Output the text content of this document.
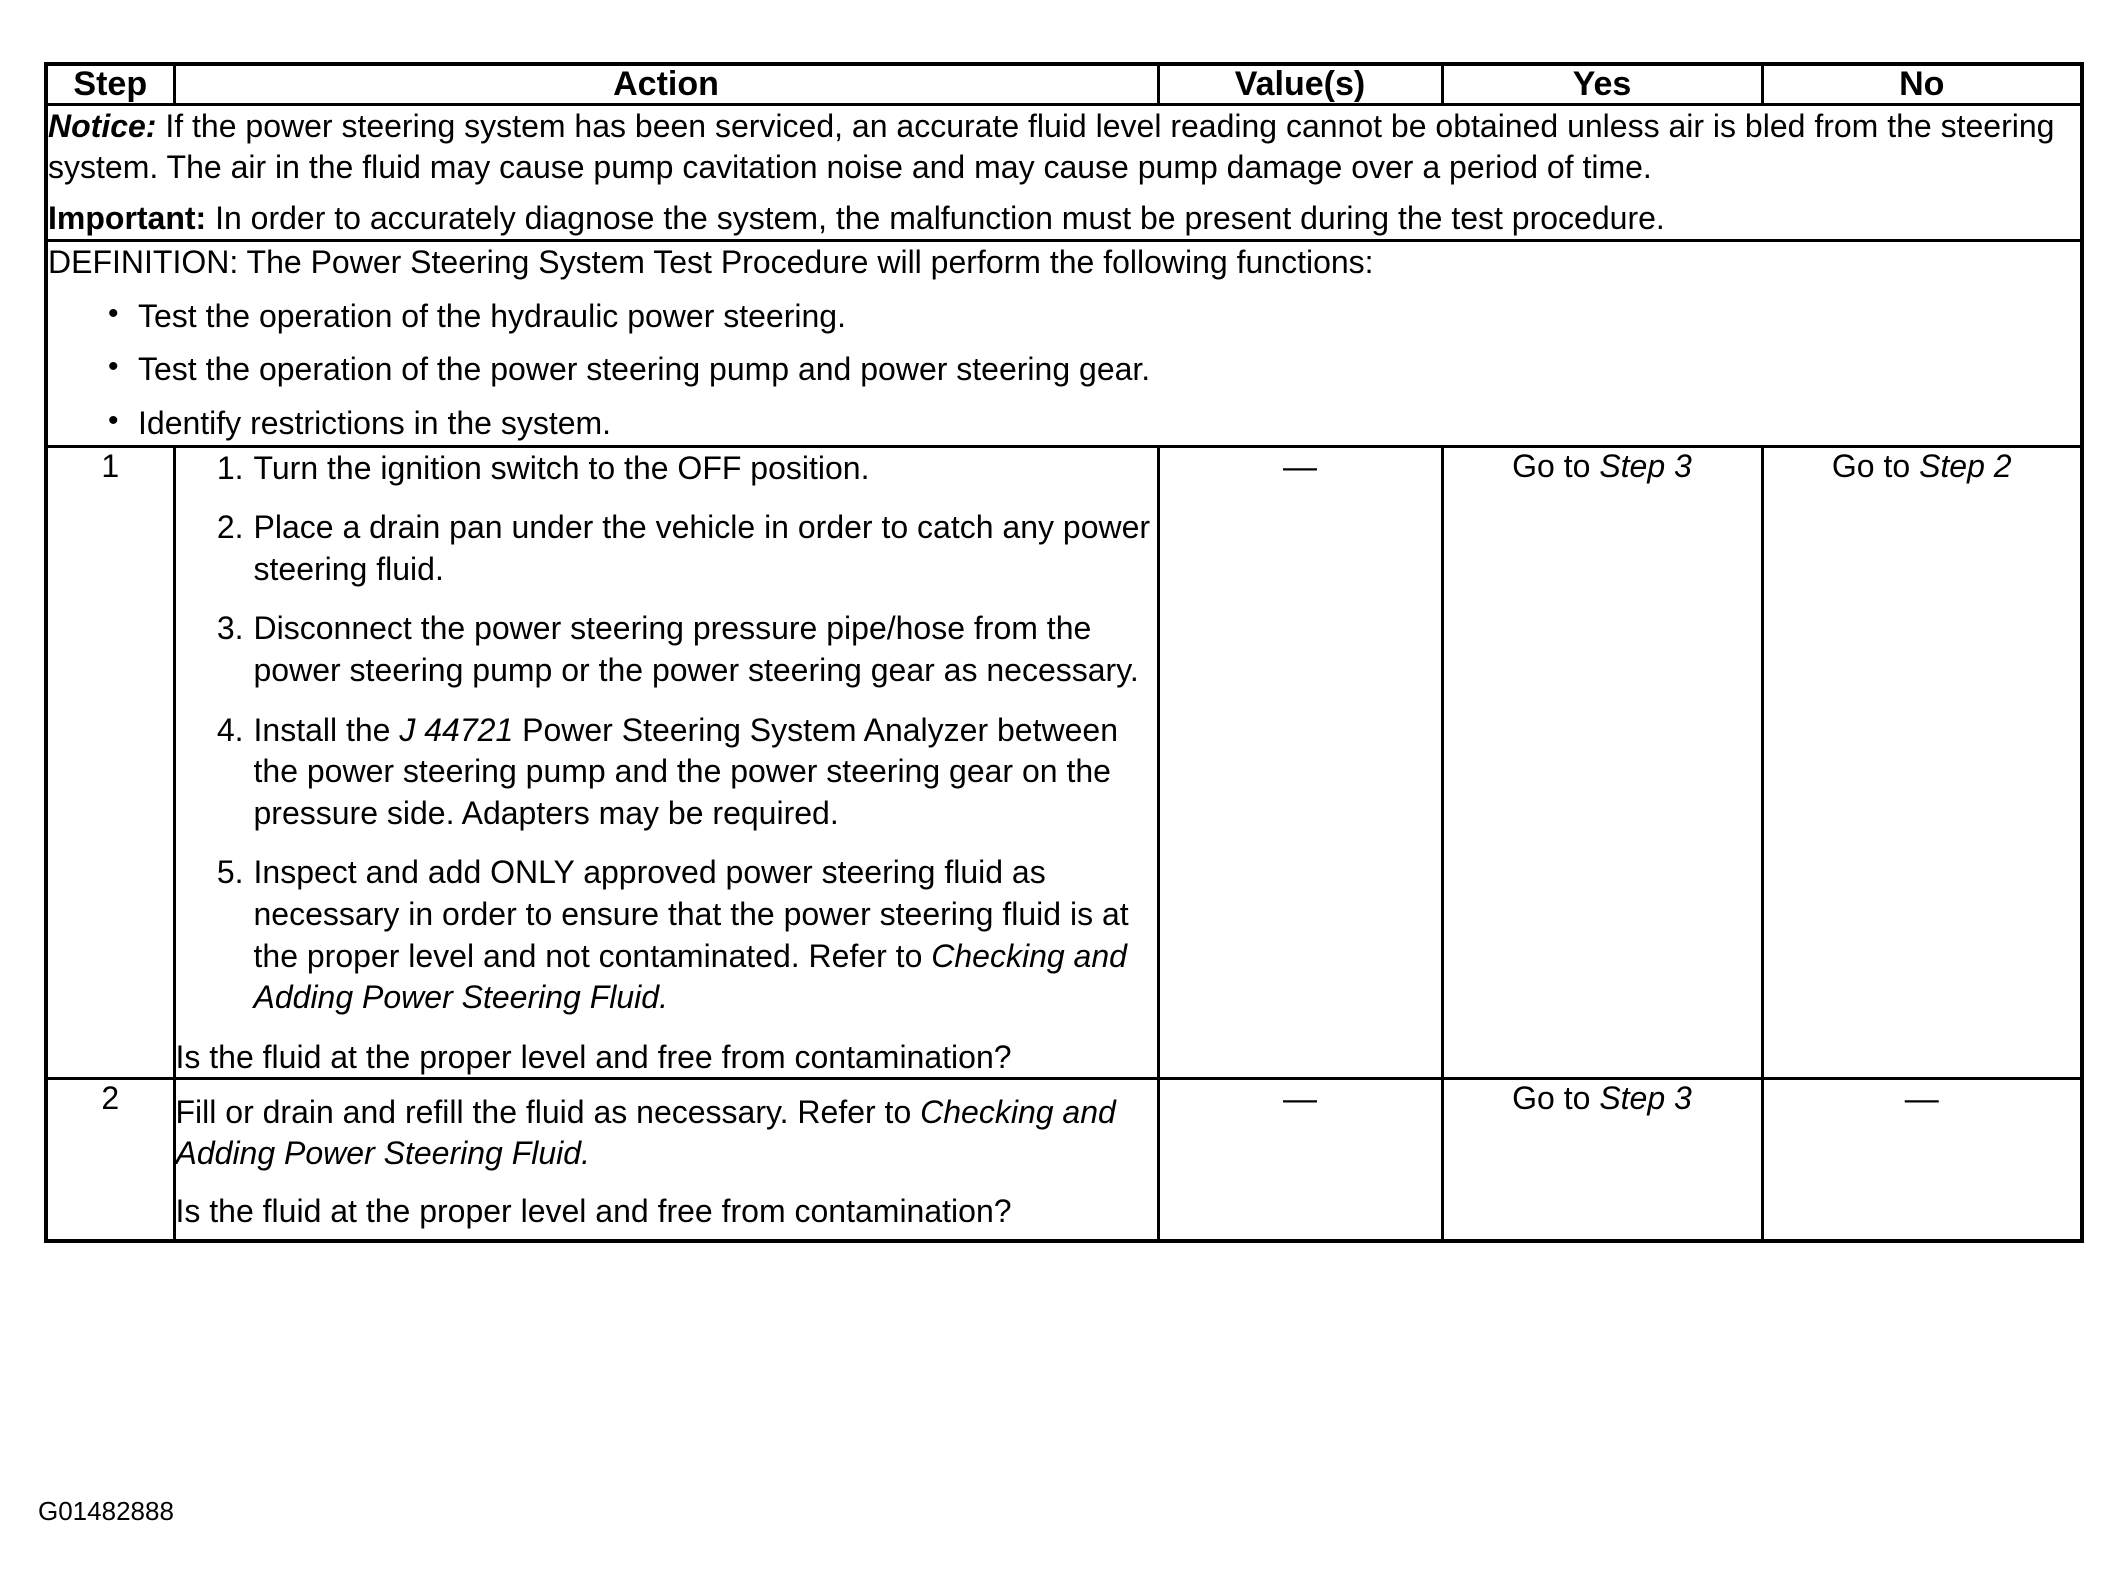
Step	Action	Value(s)	Yes	No

Notice: If the power steering system has been serviced, an accurate fluid level reading cannot be obtained unless air is bled from the steering system. The air in the fluid may cause pump cavitation noise and may cause pump damage over a period of time.

Important: In order to accurately diagnose the system, the malfunction must be present during the test procedure.				

DEFINITION: The Power Steering System Test Procedure will perform the following functions:

• Test the operation of the hydraulic power steering.
• Test the operation of the power steering pump and power steering gear.
• Identify restrictions in the system.

1	Turn the ignition switch to the OFF position.
Place a drain pan under the vehicle in order to catch any power steering fluid.
Disconnect the power steering pressure pipe/hose from the power steering pump or the power steering gear as necessary.
Install the J 44721 Power Steering System Analyzer between the power steering pump and the power steering gear on the pressure side. Adapters may be required.
Inspect and add ONLY approved power steering fluid as necessary in order to ensure that the power steering fluid is at the proper level and not contaminated. Refer to Checking and Adding Power Steering Fluid.
Is the fluid at the proper level and free from contamination?
	—	Go to Step 3	Go to Step 2
2	Fill or drain and refill the fluid as necessary. Refer to Checking and Adding Power Steering Fluid.
Is the fluid at the proper level and free from contamination?	—	Go to Step 3	—
G01482888
